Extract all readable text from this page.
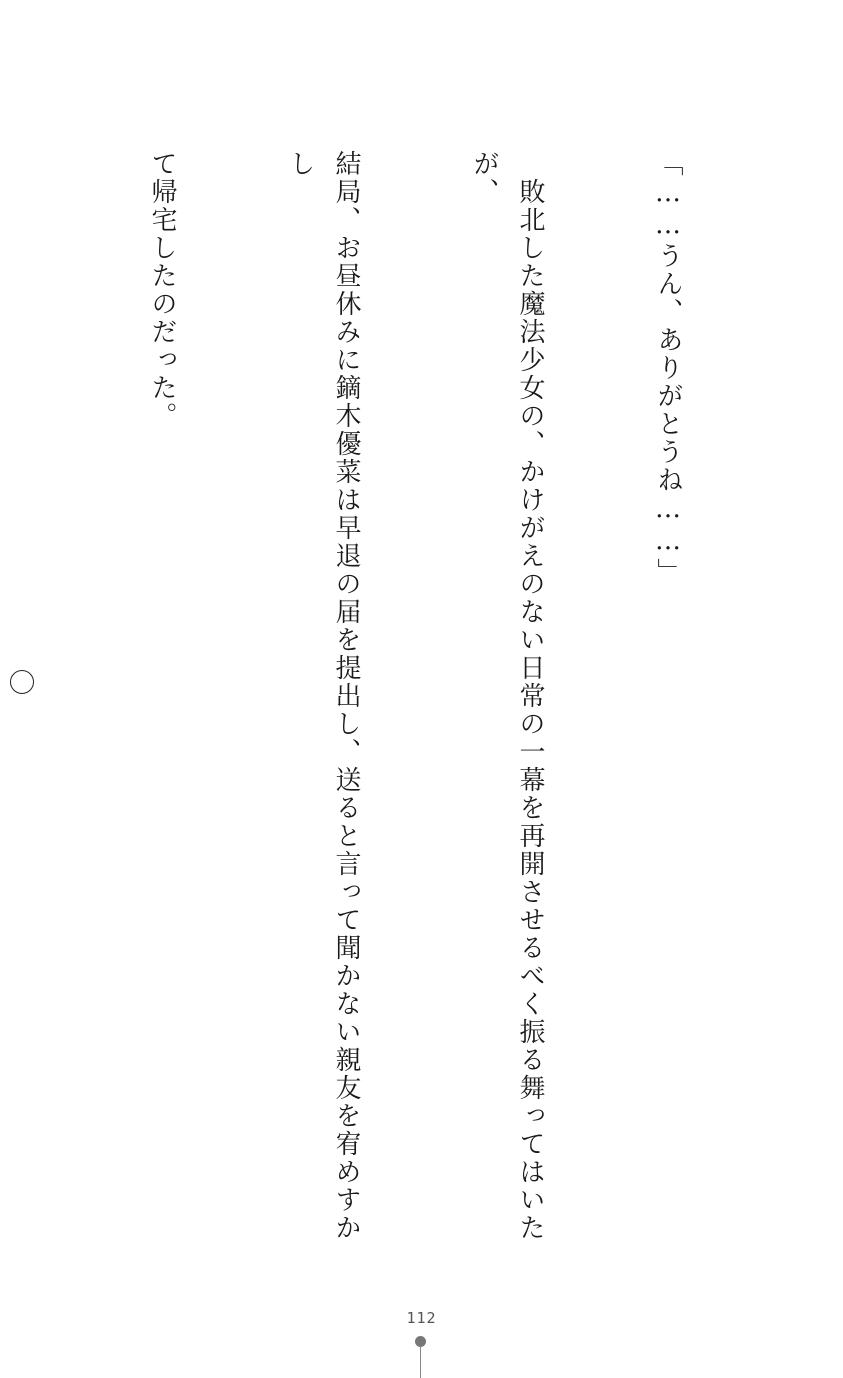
「……うん、ありがとうね……」

　敗北した魔法少女の、かけがえのない日常の一幕を再開させるべく振る舞ってはいたが、

結局、お昼休みに鏑木優菜は早退の届を提出し、送ると言って聞かない親友を宥めすかし

て帰宅したのだった。

112
